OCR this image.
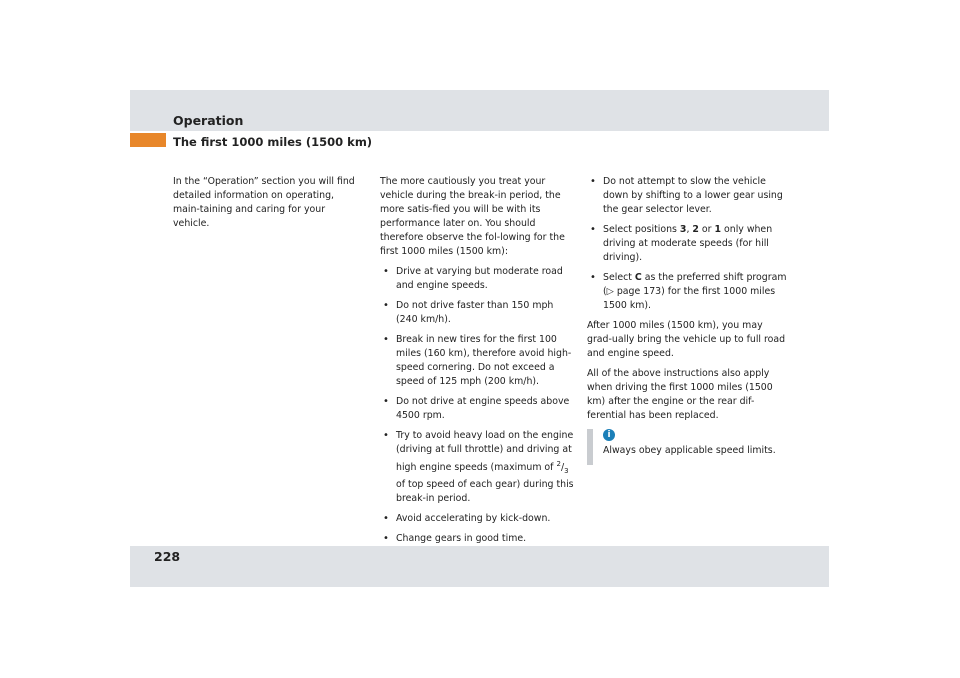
Operation
The first 1000 miles (1500 km)

In the “Operation” section you will find detailed information on operating, main-taining and caring for your vehicle.

The more cautiously you treat your vehicle during the break-in period, the more satis-fied you will be with its performance later on. You should therefore observe the fol-lowing for the first 1000 miles (1500 km):

• Drive at varying but moderate road and engine speeds.
• Do not drive faster than 150 mph (240 km/h).
• Break in new tires for the first 100 miles (160 km), therefore avoid high-speed cornering. Do not exceed a speed of 125 mph (200 km/h).
• Do not drive at engine speeds above 4500 rpm.
• Try to avoid heavy load on the engine (driving at full throttle) and driving at high engine speeds (maximum of $^2/_3$ of top speed of each gear) during this break-in period.
• Avoid accelerating by kick-down.
• Change gears in good time.
• Do not attempt to slow the vehicle down by shifting to a lower gear using the gear selector lever.
• Select positions 3, 2 or 1 only when driving at moderate speeds (for hill driving).
• Select C as the preferred shift program (▷ page 173) for the first 1000 miles 1500 km).

After 1000 miles (1500 km), you may grad-ually bring the vehicle up to full road and engine speed.

All of the above instructions also apply when driving the first 1000 miles (1500 km) after the engine or the rear dif-ferential has been replaced.

i
Always obey applicable speed limits.
228
